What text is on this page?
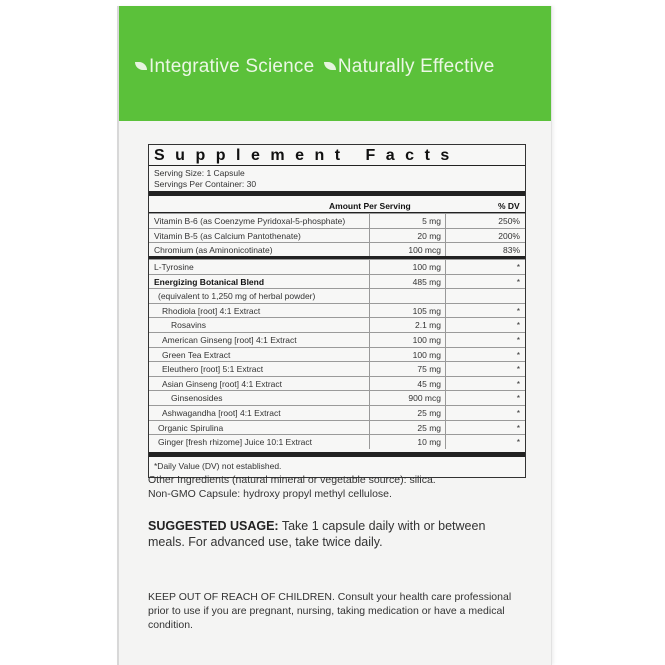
Integrative Science Naturally Effective
Supplement Facts
Serving Size: 1 Capsule
Servings Per Container: 30
Amount Per Serving	% DV
Vitamin B-6 (as Coenzyme Pyridoxal-5-phosphate)	5 mg	250%
Vitamin B-5 (as Calcium Pantothenate)	20 mg	200%
Chromium (as Aminonicotinate)	100 mcg	83%
L-Tyrosine	100 mg	*
Energizing Botanical Blend	485 mg	*
(equivalent to 1,250 mg of herbal powder)
Rhodiola [root] 4:1 Extract	105 mg	*
Rosavins	2.1 mg	*
American Ginseng [root] 4:1 Extract	100 mg	*
Green Tea Extract	100 mg	*
Eleuthero [root] 5:1 Extract	75 mg	*
Asian Ginseng [root] 4:1 Extract	45 mg	*
Ginsenosides	900 mcg	*
Ashwagandha [root] 4:1 Extract	25 mg	*
Organic Spirulina	25 mg	*
Ginger [fresh rhizome] Juice 10:1 Extract	10 mg	*
*Daily Value (DV) not established.
Other Ingredients (natural mineral or vegetable source): silica.
Non-GMO Capsule: hydroxy propyl methyl cellulose.
SUGGESTED USAGE: Take 1 capsule daily with or between
meals. For advanced use, take twice daily.
KEEP OUT OF REACH OF CHILDREN. Consult your health care professional
prior to use if you are pregnant, nursing, taking medication or have a medical
condition.
